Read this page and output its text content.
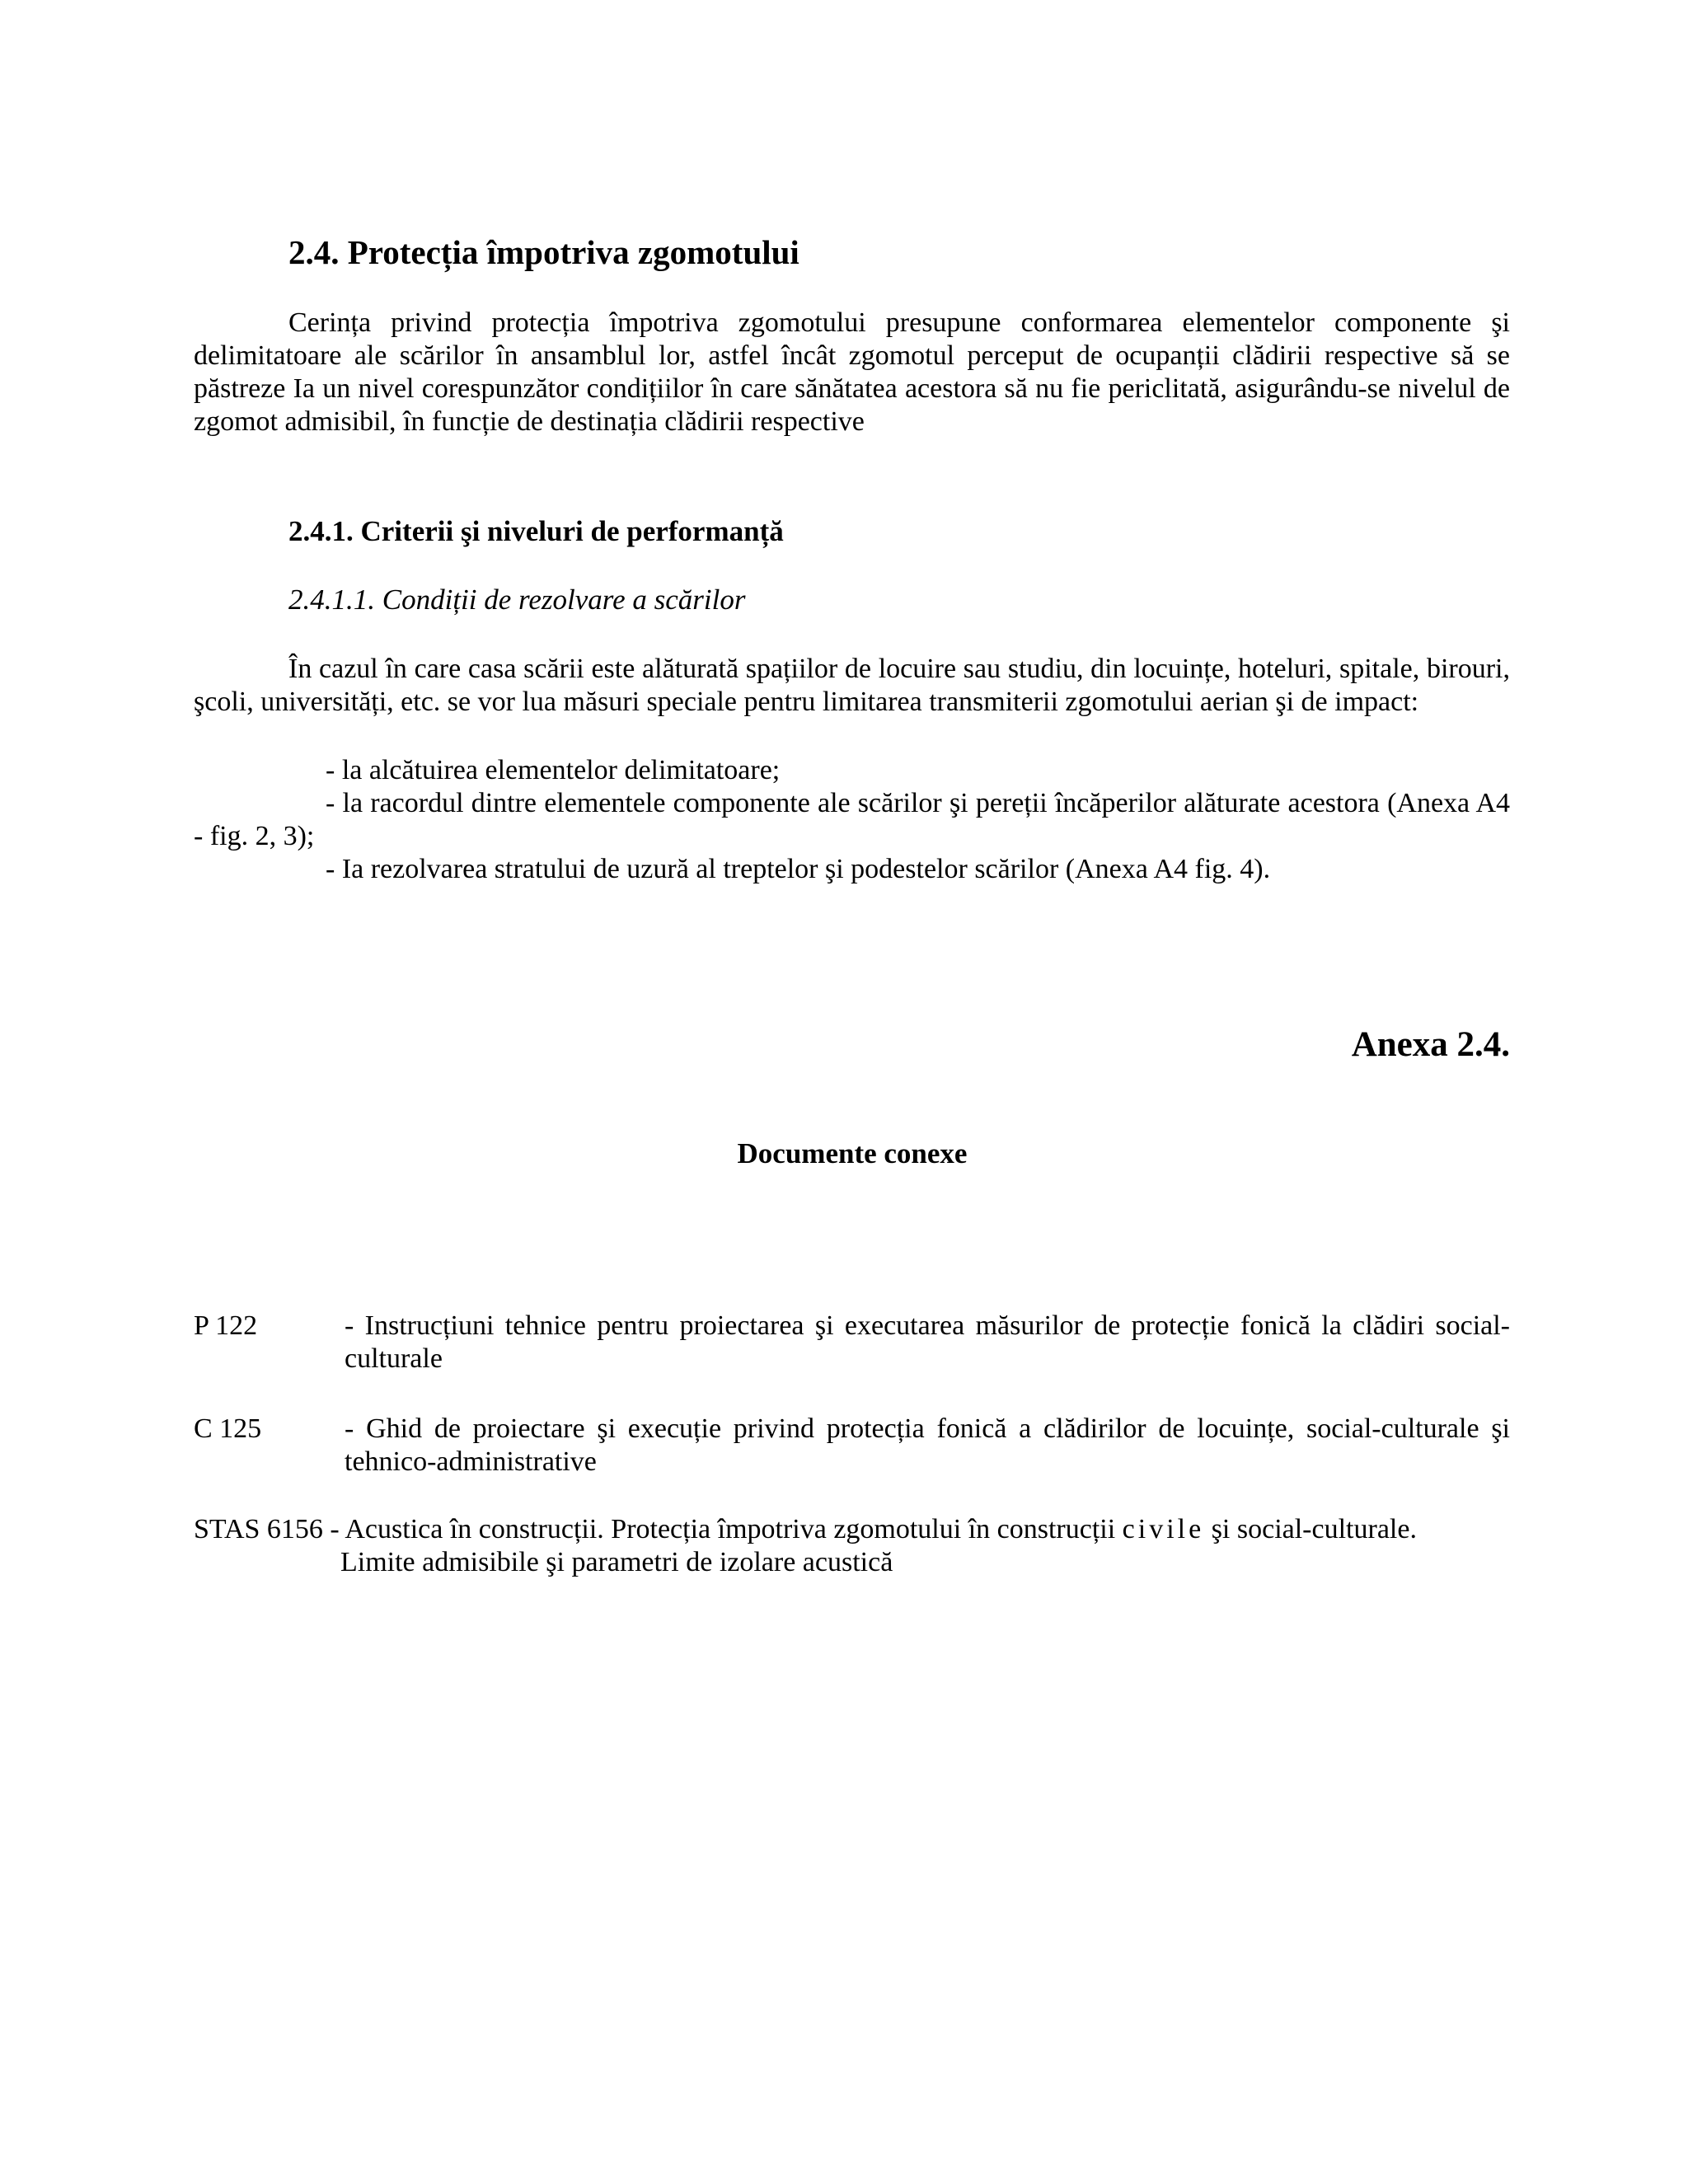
2.4. Protecția împotriva zgomotului

Cerința privind protecția împotriva zgomotului presupune conformarea elementelor componente şi delimitatoare ale scărilor în ansamblul lor, astfel încât zgomotul perceput de ocupanții clădirii respective să se păstreze Ia un nivel corespunzător condițiilor în care sănătatea acestora să nu fie periclitată, asigurându-se nivelul de zgomot admisibil, în funcție de destinația clădirii respective

2.4.1. Criterii şi niveluri de performanță
2.4.1.1. Condiții de rezolvare a scărilor

În cazul în care casa scării este alăturată spațiilor de locuire sau studiu, din locuințe, hoteluri, spitale, birouri, şcoli, universități, etc. se vor lua măsuri speciale pentru limitarea transmiterii zgomotului aerian şi de impact:

- la alcătuirea elementelor delimitatoare;
- la racordul dintre elementele componente ale scărilor şi pereții încăperilor alăturate acestora (Anexa A4 - fig. 2, 3);
- Ia rezolvarea stratului de uzură al treptelor şi podestelor scărilor (Anexa A4 fig. 4).
Anexa 2.4.
Documente conexe
P 122	- Instrucțiuni tehnice pentru proiectarea şi executarea măsurilor de protecție fonică la clădiri social-culturale
C 125	- Ghid de proiectare şi execuție privind protecția fonică a clădirilor de locuințe, social-culturale şi tehnico-administrative
STAS 6156 - Acustica în construcții. Protecția împotriva zgomotului în construcții civile şi social-culturale.
Limite admisibile şi parametri de izolare acustică
